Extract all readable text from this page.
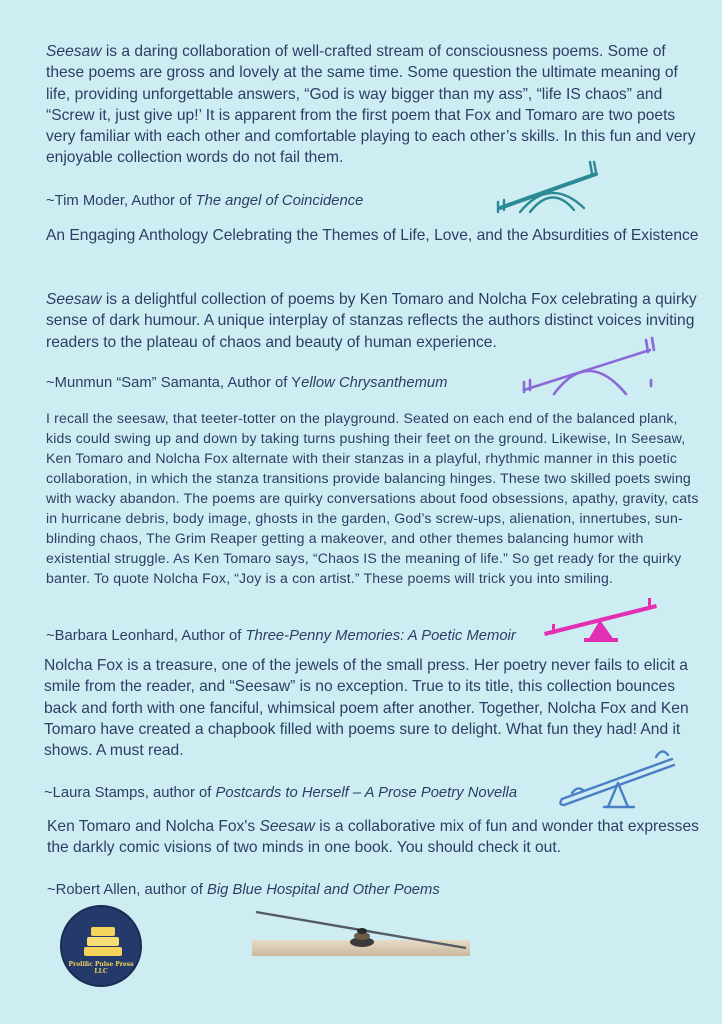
Seesaw is a daring collaboration of well-crafted stream of consciousness poems. Some of these poems are gross and lovely at the same time. Some question the ultimate meaning of life, providing unforgettable answers, “God is way bigger than my ass”, “life IS chaos” and “Screw it, just give up!’ It is apparent from the first poem that Fox and Tomaro are two poets very familiar with each other and comfortable playing to each other’s skills. In this fun and very enjoyable collection words do not fail them.

~Tim Moder, Author of The angel of Coincidence

An Engaging Anthology Celebrating the Themes of Life, Love, and the Absurdities of Existence

Seesaw is a delightful collection of poems by Ken Tomaro and Nolcha Fox celebrating a quirky sense of dark humour. A unique interplay of stanzas reflects the authors distinct voices inviting readers to the plateau of chaos and beauty of human experience.

~Munmun “Sam” Samanta, Author of Yellow Chrysanthemum

I recall the seesaw, that teeter-totter on the playground. Seated on each end of the balanced plank, kids could swing up and down by taking turns pushing their feet on the ground. Likewise, In Seesaw, Ken Tomaro and Nolcha Fox alternate with their stanzas in a playful, rhythmic manner in this poetic collaboration, in which the stanza transitions provide balancing hinges. These two skilled poets swing with wacky abandon. The poems are quirky conversations about food obsessions, apathy, gravity, cats in hurricane debris, body image, ghosts in the garden, God’s screw-ups, alienation, innertubes, sun-blinding chaos, The Grim Reaper getting a makeover, and other themes balancing humor with existential struggle. As Ken Tomaro says, “Chaos IS the meaning of life.” So get ready for the quirky banter. To quote Nolcha Fox, “Joy is a con artist.” These poems will trick you into smiling.

~Barbara Leonhard, Author of Three-Penny Memories: A Poetic Memoir

Nolcha Fox is a treasure, one of the jewels of the small press. Her poetry never fails to elicit a smile from the reader, and “Seesaw” is no exception. True to its title, this collection bounces back and forth with one fanciful, whimsical poem after another. Together, Nolcha Fox and Ken Tomaro have created a chapbook filled with poems sure to delight. What fun they had! And it shows. A must read.

~Laura Stamps, author of Postcards to Herself – A Prose Poetry Novella

Ken Tomaro and Nolcha Fox's Seesaw is a collaborative mix of fun and wonder that expresses the darkly comic visions of two minds in one book. You should check it out.

~Robert Allen, author of Big Blue Hospital and Other Poems

Prolific Pulse Press LLC
